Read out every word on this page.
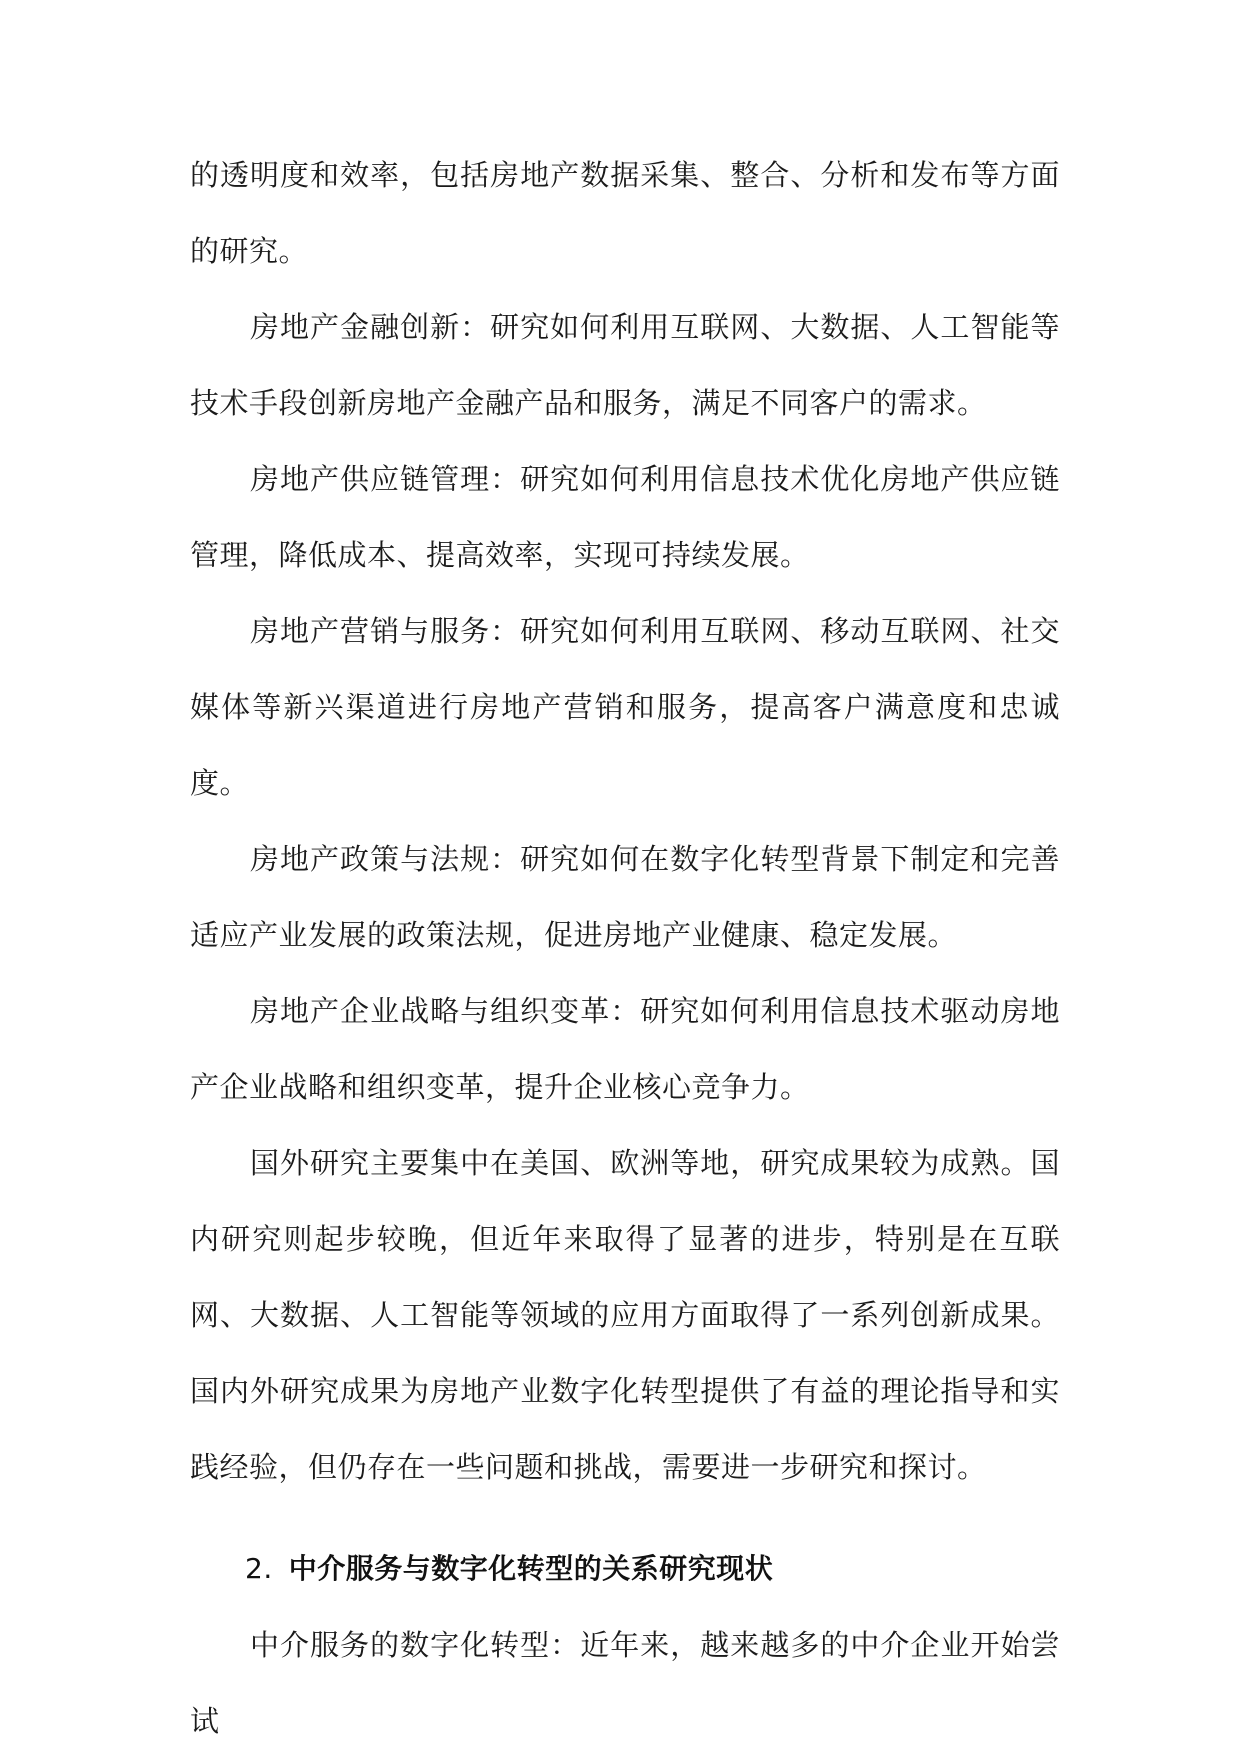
的透明度和效率，包括房地产数据采集、整合、分析和发布等方面的研究。

房地产金融创新：研究如何利用互联网、大数据、人工智能等技术手段创新房地产金融产品和服务，满足不同客户的需求。

房地产供应链管理：研究如何利用信息技术优化房地产供应链管理，降低成本、提高效率，实现可持续发展。

房地产营销与服务：研究如何利用互联网、移动互联网、社交媒体等新兴渠道进行房地产营销和服务，提高客户满意度和忠诚度。

房地产政策与法规：研究如何在数字化转型背景下制定和完善适应产业发展的政策法规，促进房地产业健康、稳定发展。

房地产企业战略与组织变革：研究如何利用信息技术驱动房地产企业战略和组织变革，提升企业核心竞争力。

国外研究主要集中在美国、欧洲等地，研究成果较为成熟。国内研究则起步较晚，但近年来取得了显著的进步，特别是在互联网、大数据、人工智能等领域的应用方面取得了一系列创新成果。国内外研究成果为房地产业数字化转型提供了有益的理论指导和实践经验，但仍存在一些问题和挑战，需要进一步研究和探讨。

2. 中介服务与数字化转型的关系研究现状

中介服务的数字化转型：近年来，越来越多的中介企业开始尝试
